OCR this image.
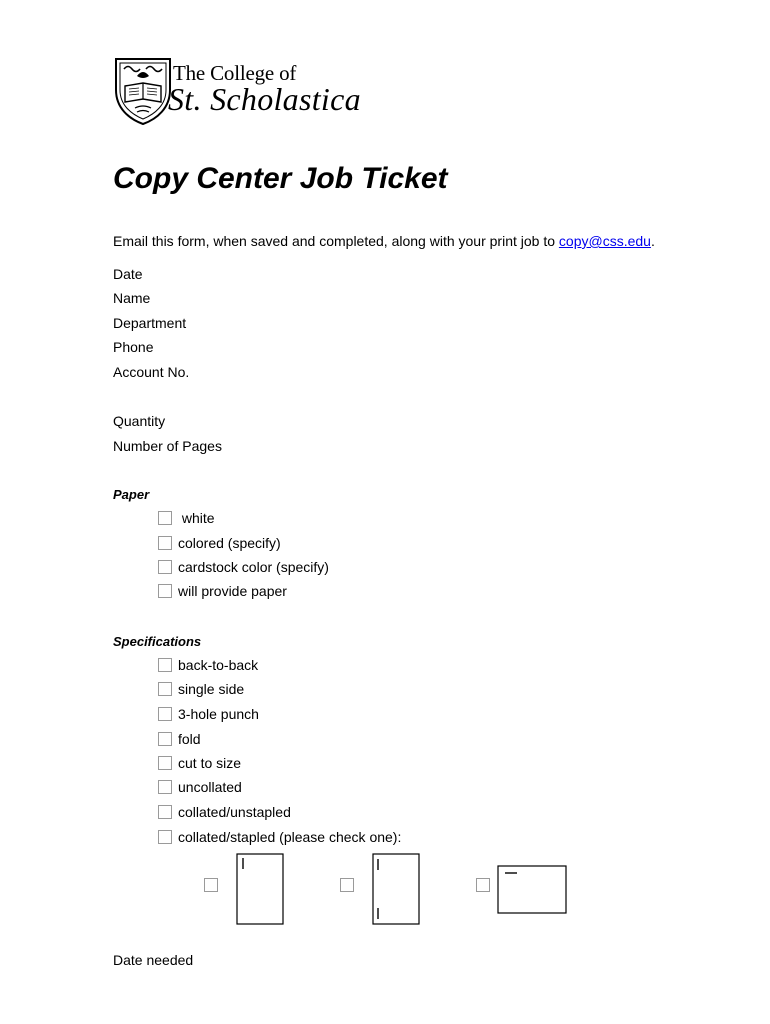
The College of
St. Scholastica
Copy Center Job Ticket
Email this form, when saved and completed, along with your print job to copy@css.edu.
Date
Name
Department
Phone
Account No.
Quantity
Number of Pages
Paper
white
colored (specify)
cardstock color (specify)
will provide paper
Specifications
back-to-back
single side
3-hole punch
fold
cut to size
uncollated
collated/unstapled
collated/stapled (please check one):
Date needed
